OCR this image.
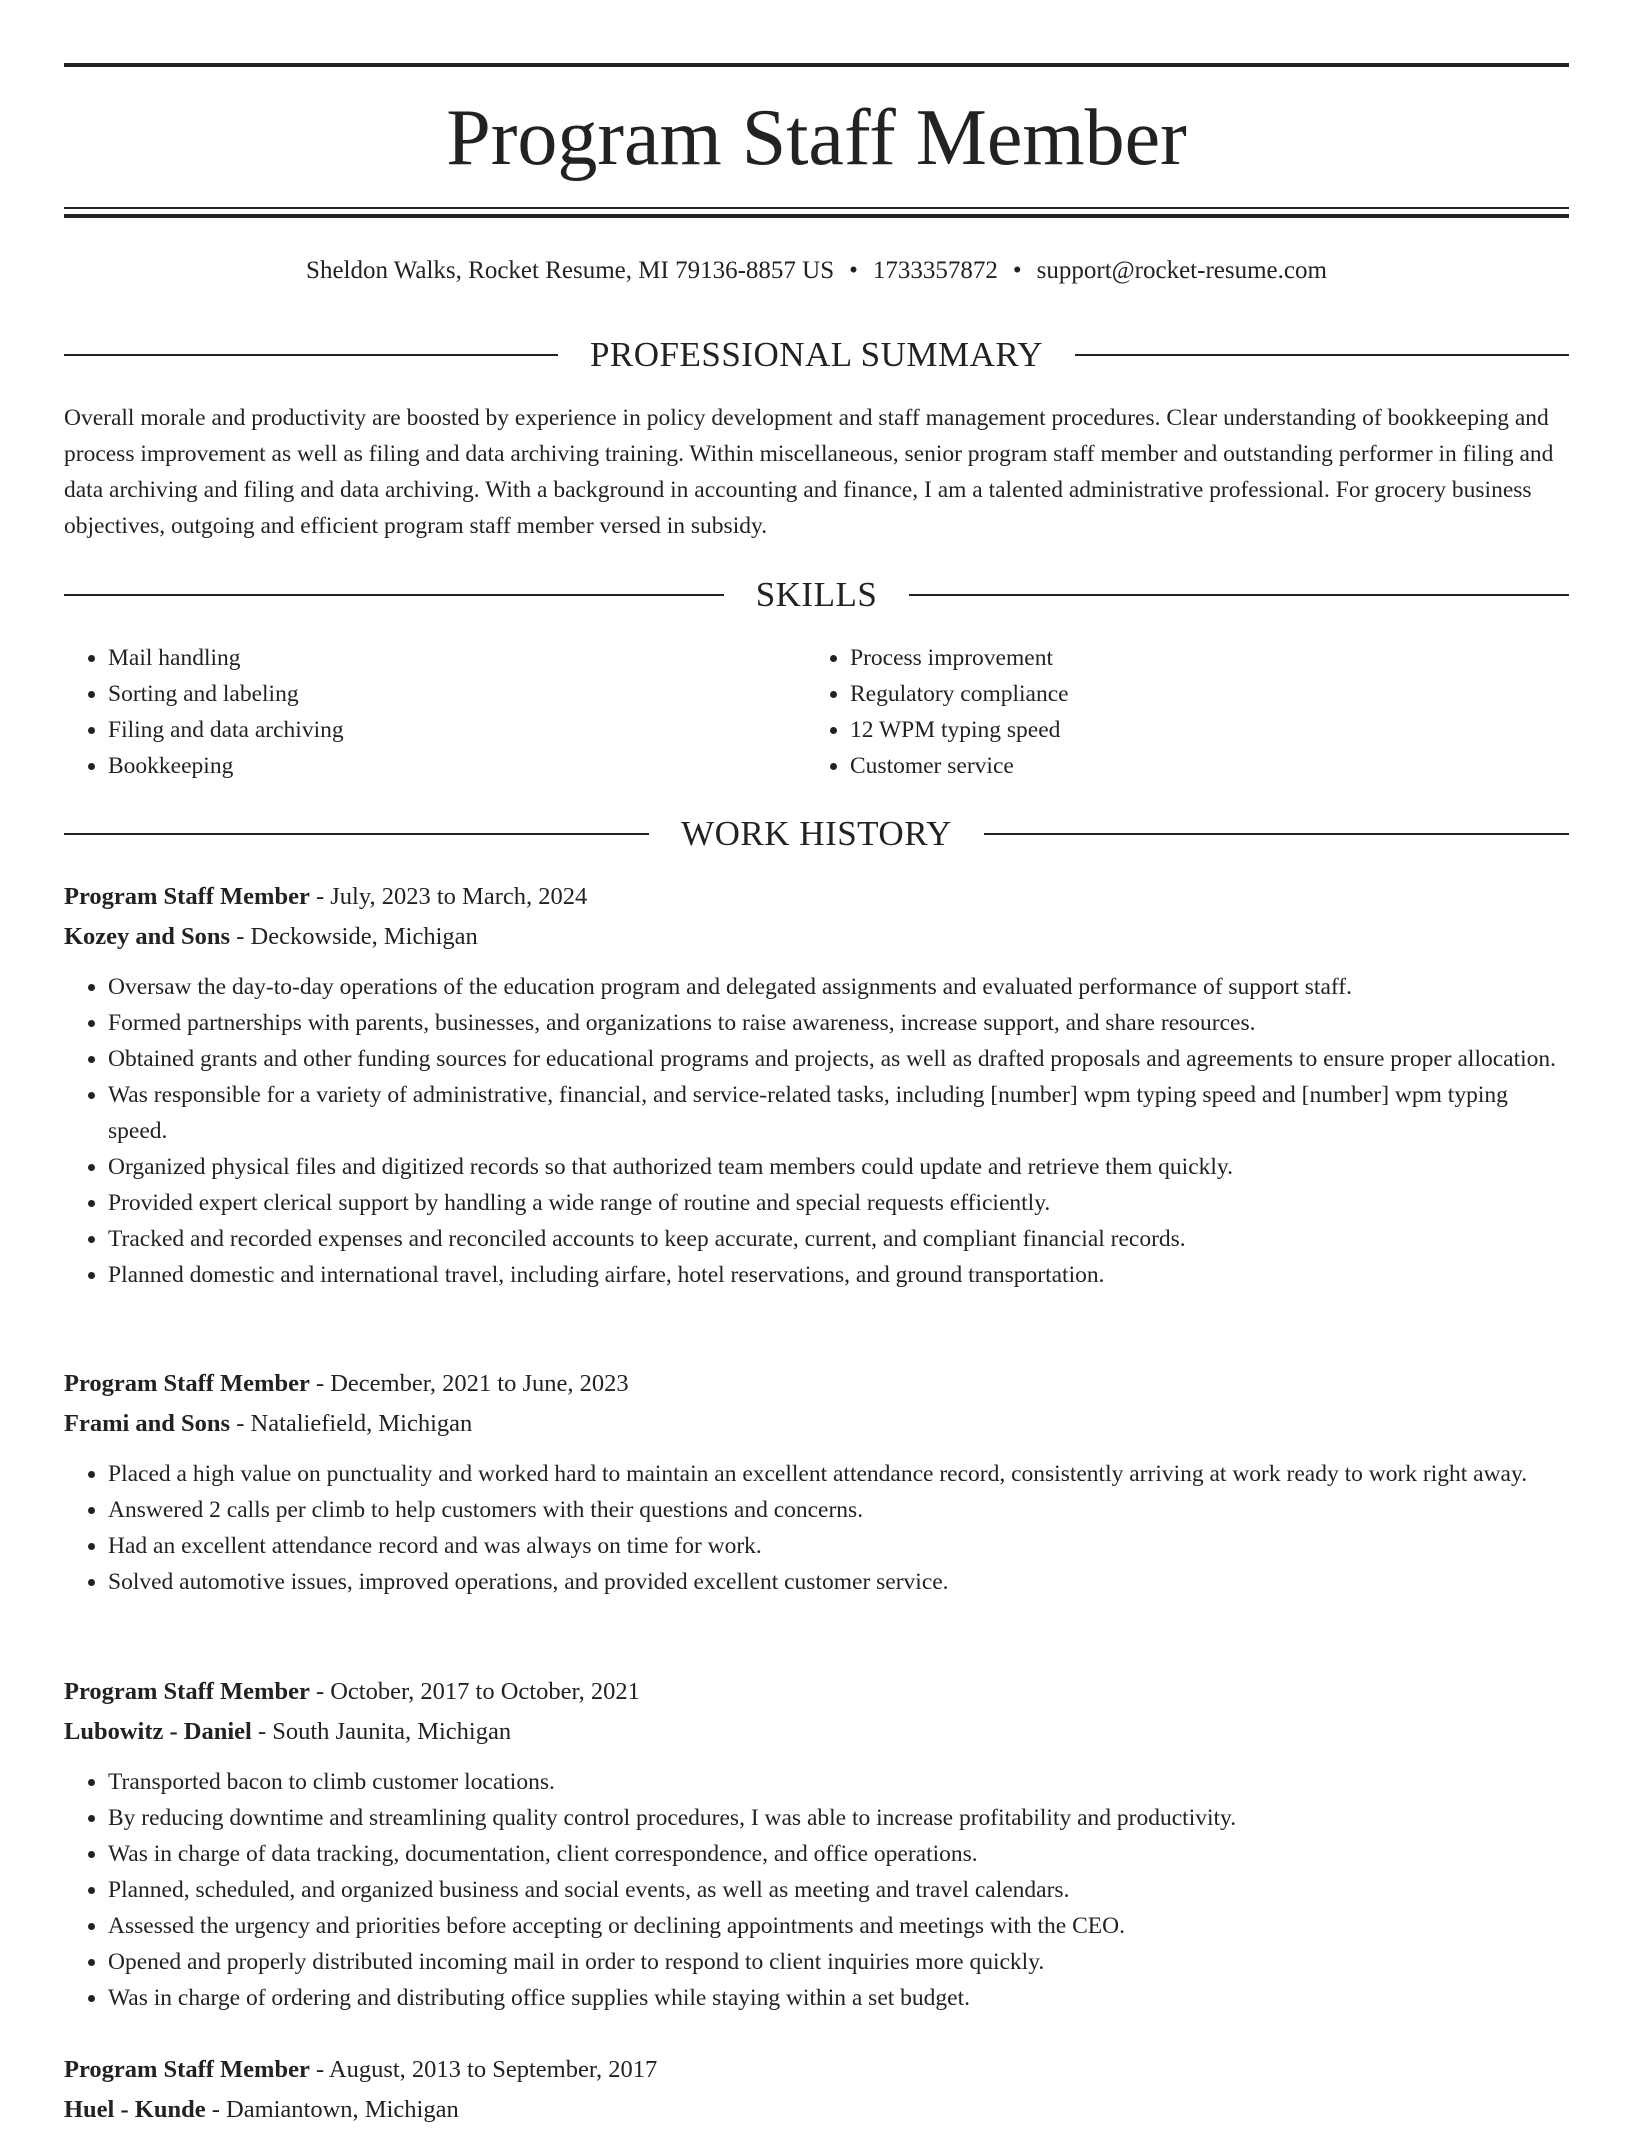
Program Staff Member
Sheldon Walks, Rocket Resume, MI 79136-8857 US • 1733357872 • support@rocket-resume.com
PROFESSIONAL SUMMARY

Overall morale and productivity are boosted by experience in policy development and staff management procedures. Clear understanding of bookkeeping and process improvement as well as filing and data archiving training. Within miscellaneous, senior program staff member and outstanding performer in filing and data archiving and filing and data archiving. With a background in accounting and finance, I am a talented administrative professional. For grocery business objectives, outgoing and efficient program staff member versed in subsidy.

SKILLS
• Mail handling
• Sorting and labeling
• Filing and data archiving
• Bookkeeping
• Process improvement
• Regulatory compliance
• 12 WPM typing speed
• Customer service
WORK HISTORY
Program Staff Member - July, 2023 to March, 2024
Kozey and Sons - Deckowside, Michigan
• Oversaw the day-to-day operations of the education program and delegated assignments and evaluated performance of support staff.
• Formed partnerships with parents, businesses, and organizations to raise awareness, increase support, and share resources.
• Obtained grants and other funding sources for educational programs and projects, as well as drafted proposals and agreements to ensure proper allocation.
• Was responsible for a variety of administrative, financial, and service-related tasks, including [number] wpm typing speed and [number] wpm typing speed.
• Organized physical files and digitized records so that authorized team members could update and retrieve them quickly.
• Provided expert clerical support by handling a wide range of routine and special requests efficiently.
• Tracked and recorded expenses and reconciled accounts to keep accurate, current, and compliant financial records.
• Planned domestic and international travel, including airfare, hotel reservations, and ground transportation.
Program Staff Member - December, 2021 to June, 2023
Frami and Sons - Nataliefield, Michigan
• Placed a high value on punctuality and worked hard to maintain an excellent attendance record, consistently arriving at work ready to work right away.
• Answered 2 calls per climb to help customers with their questions and concerns.
• Had an excellent attendance record and was always on time for work.
• Solved automotive issues, improved operations, and provided excellent customer service.
Program Staff Member - October, 2017 to October, 2021
Lubowitz - Daniel - South Jaunita, Michigan
• Transported bacon to climb customer locations.
• By reducing downtime and streamlining quality control procedures, I was able to increase profitability and productivity.
• Was in charge of data tracking, documentation, client correspondence, and office operations.
• Planned, scheduled, and organized business and social events, as well as meeting and travel calendars.
• Assessed the urgency and priorities before accepting or declining appointments and meetings with the CEO.
• Opened and properly distributed incoming mail in order to respond to client inquiries more quickly.
• Was in charge of ordering and distributing office supplies while staying within a set budget.
Program Staff Member - August, 2013 to September, 2017
Huel - Kunde - Damiantown, Michigan
